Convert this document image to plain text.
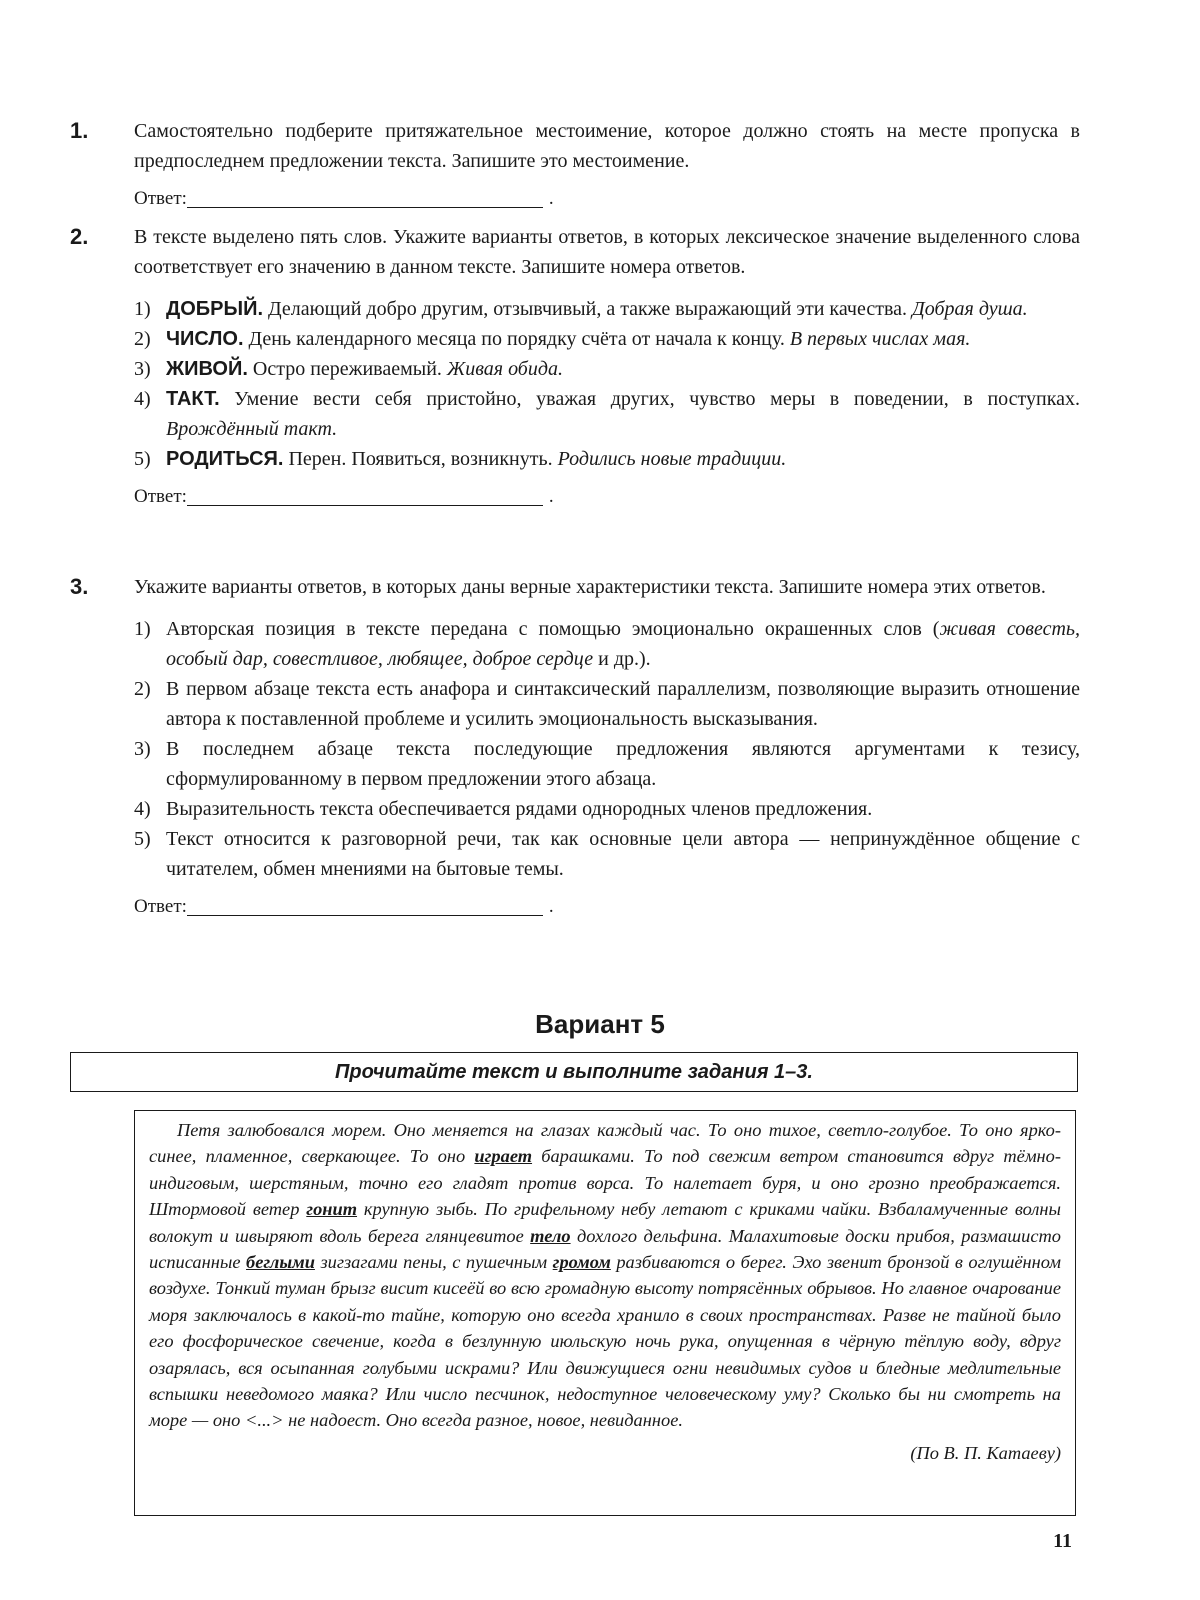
1. Самостоятельно подберите притяжательное местоимение, которое должно стоять на месте пропуска в предпоследнем предложении текста. Запишите это местоимение.

Ответ:	.
2. В тексте выделено пять слов. Укажите варианты ответов, в которых лексическое значение выделенного слова соответствует его значению в данном тексте. Запишите номера ответов.

1) ДОБРЫЙ. Делающий добро другим, отзывчивый, а также выражающий эти качества. Добрая душа.
2) ЧИСЛО. День календарного месяца по порядку счёта от начала к концу. В первых числах мая.
3) ЖИВОЙ. Остро переживаемый. Живая обида.
4) ТАКТ. Умение вести себя пристойно, уважая других, чувство меры в поведении, в поступках. Врождённый такт.
5) РОДИТЬСЯ. Перен. Появиться, возникнуть. Родились новые традиции.
Ответ:	.
3. Укажите варианты ответов, в которых даны верные характеристики текста. Запишите номера этих ответов.

1) Авторская позиция в тексте передана с помощью эмоционально окрашенных слов (живая совесть, особый дар, совестливое, любящее, доброе сердце и др.).
2) В первом абзаце текста есть анафора и синтаксический параллелизм, позволяющие выразить отношение автора к поставленной проблеме и усилить эмоциональность высказывания.
3) В последнем абзаце текста последующие предложения являются аргументами к тезису, сформулированному в первом предложении этого абзаца.
4) Выразительность текста обеспечивается рядами однородных членов предложения.
5) Текст относится к разговорной речи, так как основные цели автора — непринуждённое общение с читателем, обмен мнениями на бытовые темы.
Ответ:	.
Вариант 5
Прочитайте текст и выполните задания 1–3.

Петя залюбовался морем. Оно меняется на глазах каждый час. То оно тихое, светло-голубое. То оно ярко-синее, пламенное, сверкающее. То оно играет барашками. То под свежим ветром становится вдруг тёмно-индиговым, шерстяным, точно его гладят против ворса. То налетает буря, и оно грозно преображается. Штормовой ветер гонит крупную зыбь. По грифельному небу летают с криками чайки. Взбаламученные волны волокут и швыряют вдоль берега глянцевитое тело дохлого дельфина. Малахитовые доски прибоя, размашисто исписанные беглыми зигзагами пены, с пушечным громом разбиваются о берег. Эхо звенит бронзой в оглушённом воздухе. Тонкий туман брызг висит кисеёй во всю громадную высоту потрясённых обрывов. Но главное очарование моря заключалось в какой-то тайне, которую оно всегда хранило в своих пространствах. Разве не тайной было его фосфорическое свечение, когда в безлунную июльскую ночь рука, опущенная в чёрную тёплую воду, вдруг озарялась, вся осыпанная голубыми искрами? Или движущиеся огни невидимых судов и бледные медлительные вспышки неведомого маяка? Или число песчинок, недоступное человеческому уму? Сколько бы ни смотреть на море — оно <...> не надоест. Оно всегда разное, новое, невиданное.

(По В. П. Катаеву)
11
